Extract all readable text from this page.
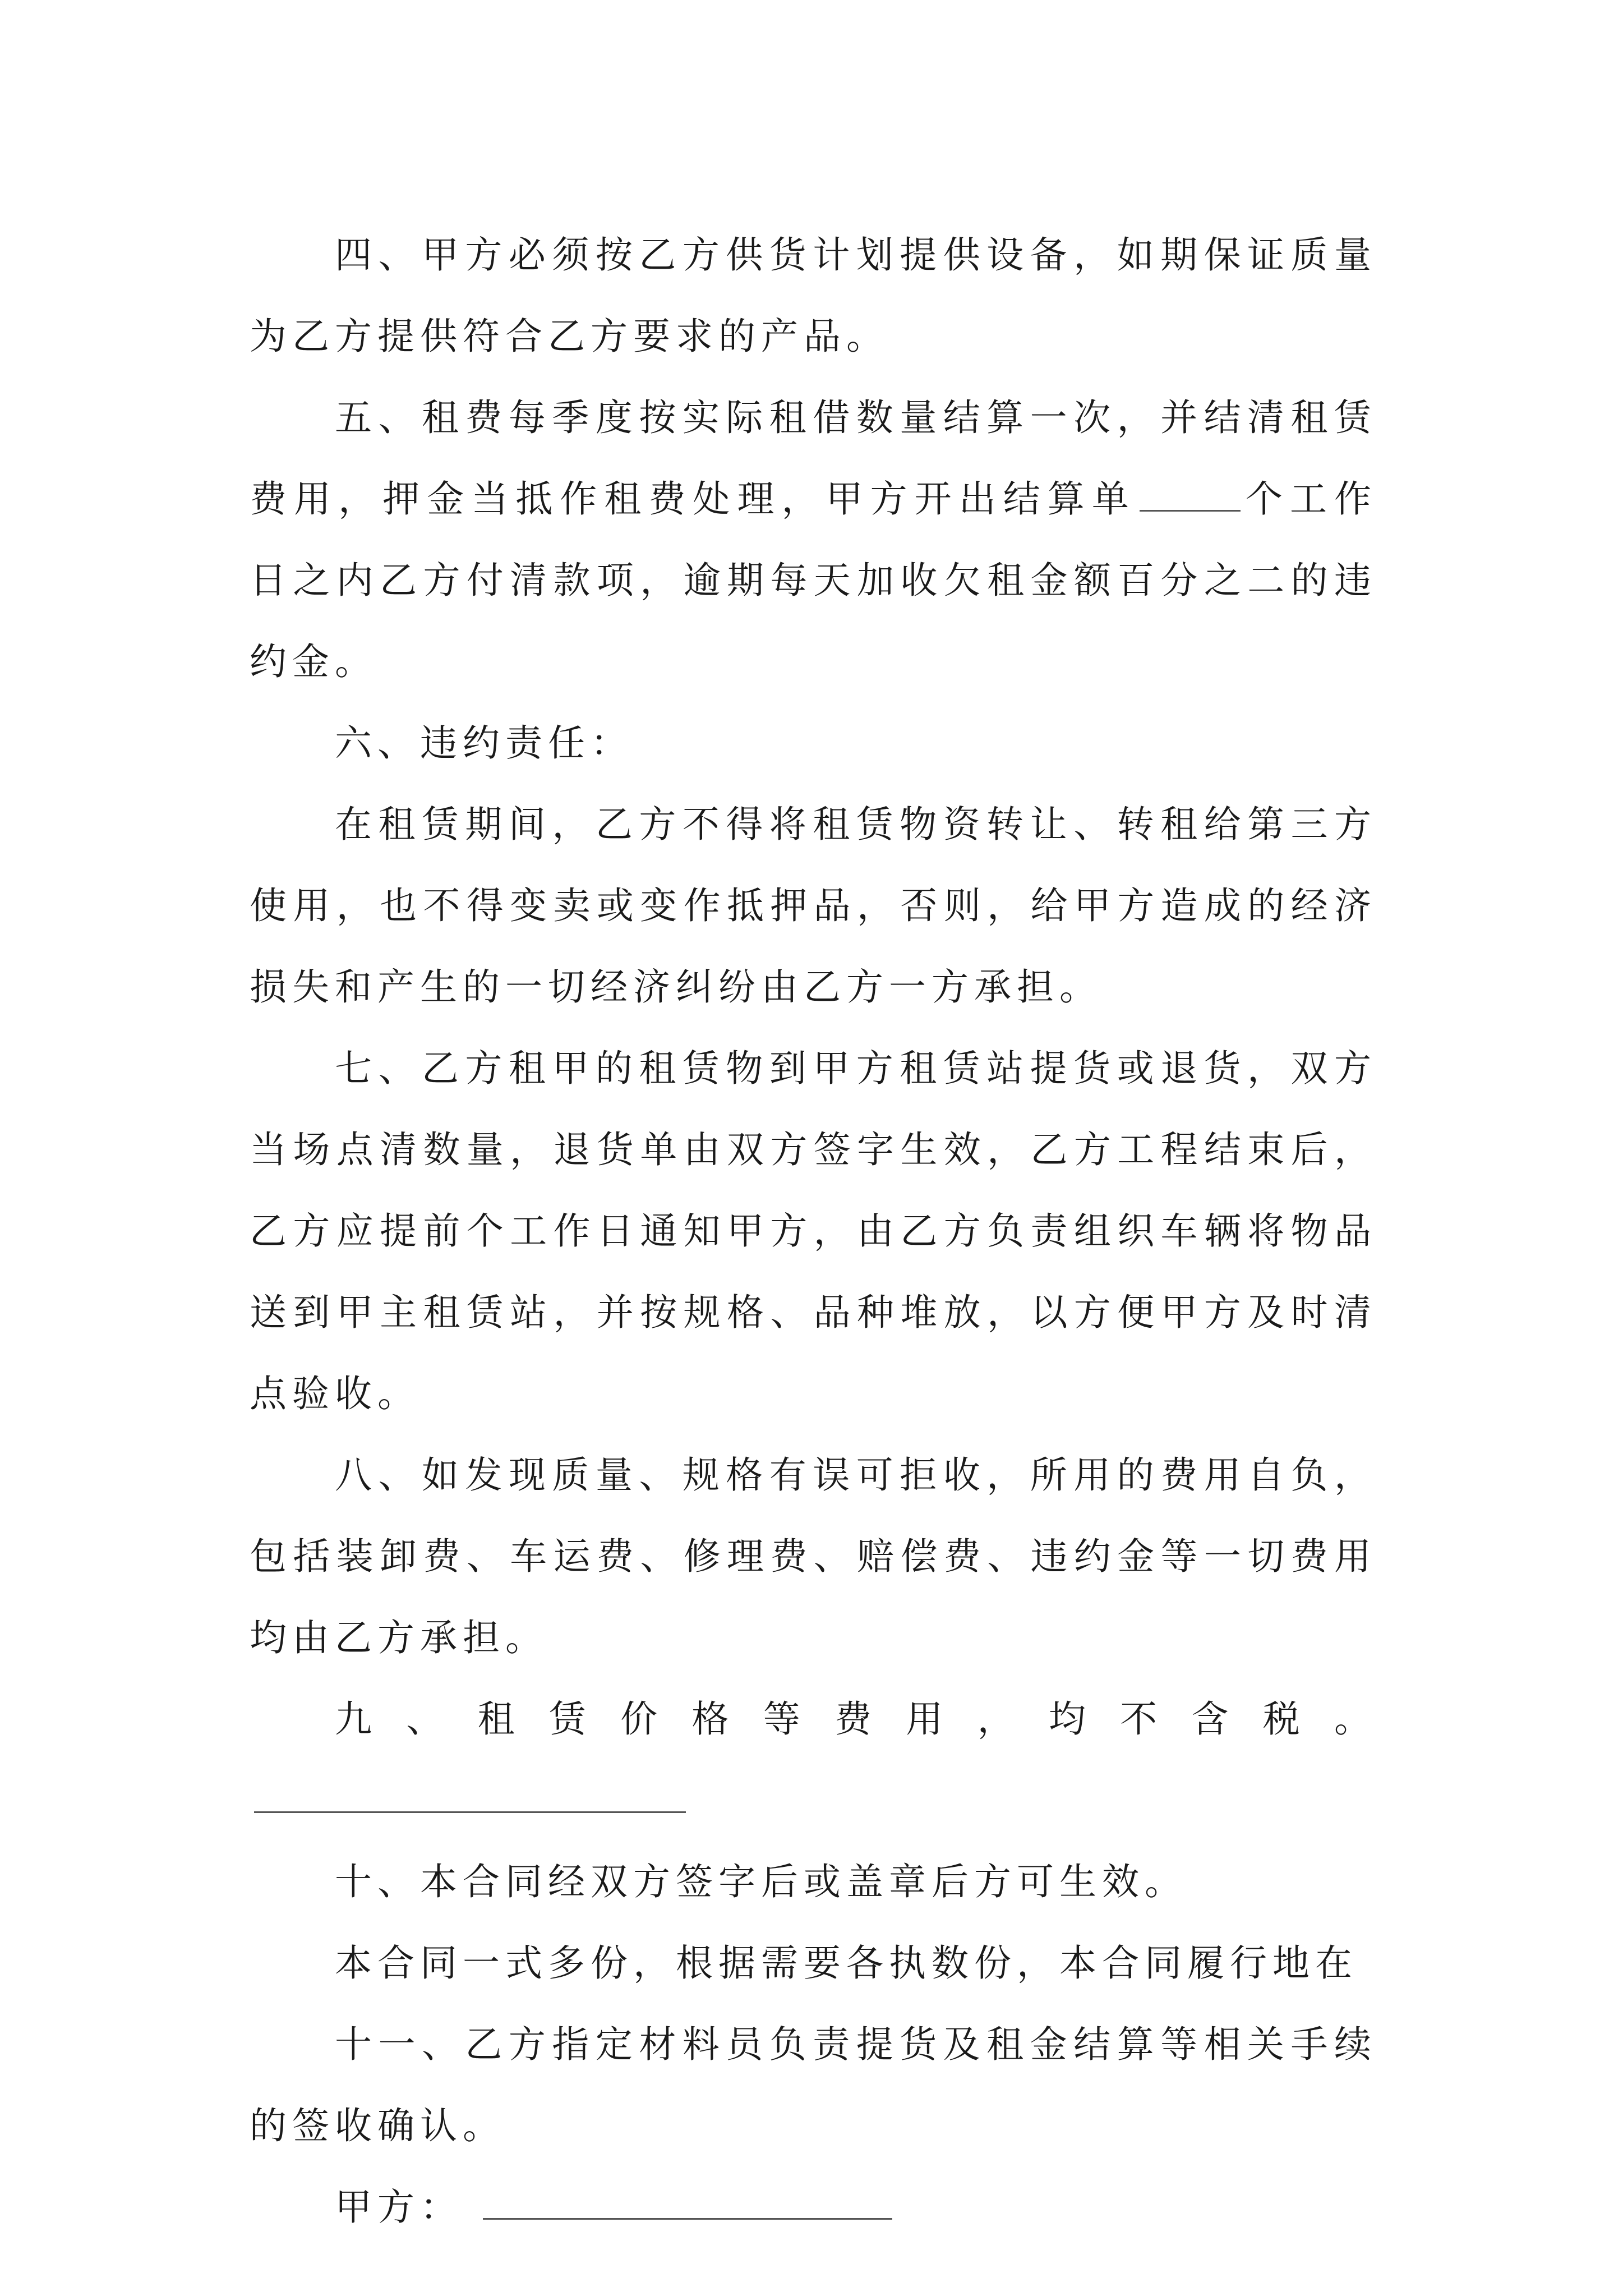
四、甲方必须按乙方供货计划提供设备，如期保证质量为乙方提供符合乙方要求的产品。

五、租费每季度按实际租借数量结算一次，并结清租赁费用，押金当抵作租费处理，甲方开出结算单	个工作日之内乙方付清款项，逾期每天加收欠租金额百分之二的违约金。

六、违约责任：

在租赁期间，乙方不得将租赁物资转让、转租给第三方使用，也不得变卖或变作抵押品，否则，给甲方造成的经济损失和产生的一切经济纠纷由乙方一方承担。

七、乙方租甲的租赁物到甲方租赁站提货或退货，双方当场点清数量，退货单由双方签字生效，乙方工程结束后，乙方应提前个工作日通知甲方，由乙方负责组织车辆将物品送到甲主租赁站，并按规格、品种堆放，以方便甲方及时清点验收。

八、如发现质量、规格有误可拒收，所用的费用自负，包括装卸费、车运费、修理费、赔偿费、违约金等一切费用均由乙方承担。

九、租赁价格等费用，均不含税。

十、本合同经双方签字后或盖章后方可生效。

本合同一式多份，根据需要各执数份，本合同履行地在

十一、乙方指定材料员负责提货及租金结算等相关手续的签收确认。

甲方：
